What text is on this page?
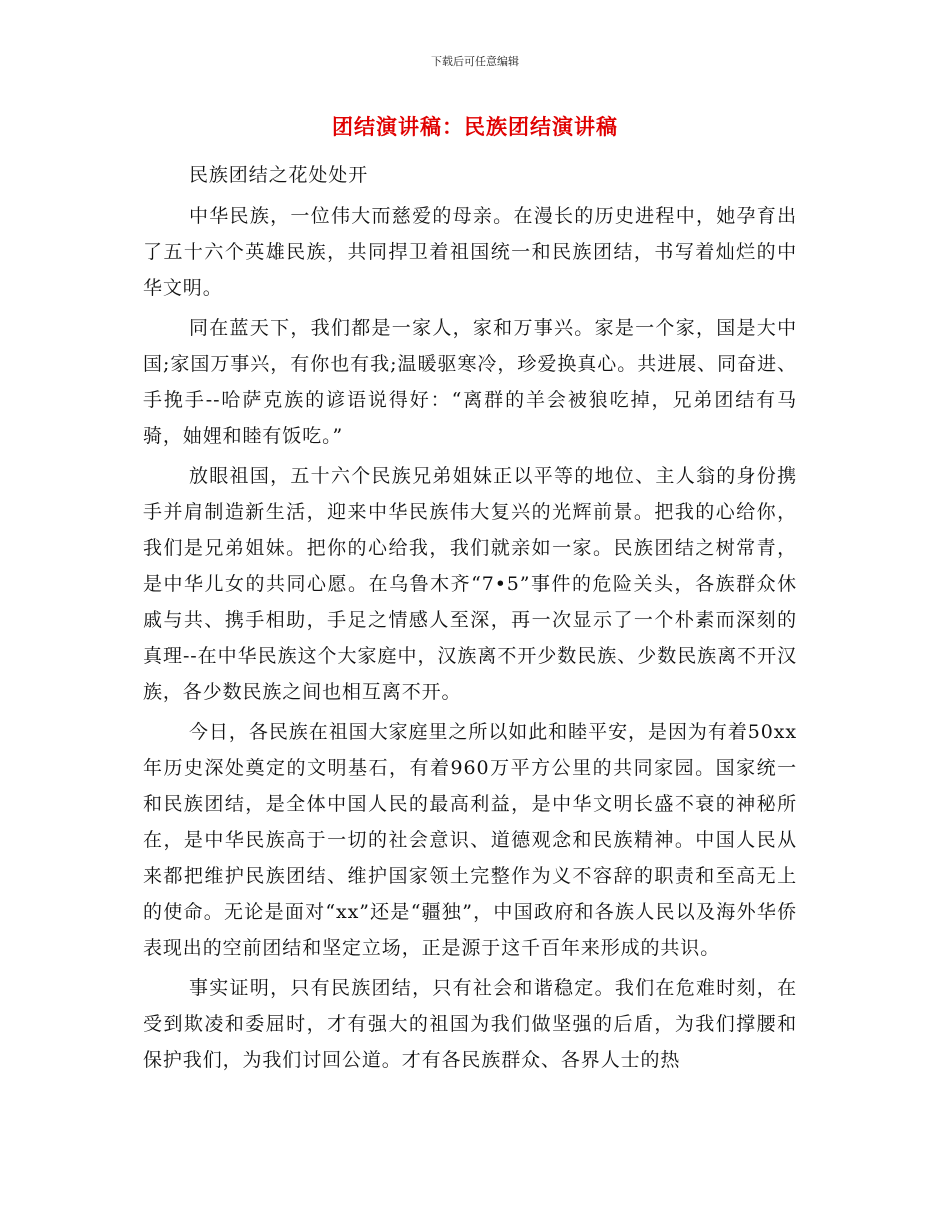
下载后可任意编辑
团结演讲稿：民族团结演讲稿

民族团结之花处处开

中华民族，一位伟大而慈爱的母亲。在漫长的历史进程中，她孕育出了五十六个英雄民族，共同捍卫着祖国统一和民族团结，书写着灿烂的中华文明。

同在蓝天下，我们都是一家人，家和万事兴。家是一个家，国是大中国;家国万事兴，有你也有我;温暖驱寒冷，珍爱换真心。共进展、同奋进、手挽手--哈萨克族的谚语说得好：“离群的羊会被狼吃掉，兄弟团结有马骑，妯娌和睦有饭吃。”

放眼祖国，五十六个民族兄弟姐妹正以平等的地位、主人翁的身份携手并肩制造新生活，迎来中华民族伟大复兴的光辉前景。把我的心给你，我们是兄弟姐妹。把你的心给我，我们就亲如一家。民族团结之树常青，是中华儿女的共同心愿。在乌鲁木齐“7•5”事件的危险关头，各族群众休戚与共、携手相助，手足之情感人至深，再一次显示了一个朴素而深刻的真理--在中华民族这个大家庭中，汉族离不开少数民族、少数民族离不开汉族，各少数民族之间也相互离不开。

今日，各民族在祖国大家庭里之所以如此和睦平安，是因为有着50xx年历史深处奠定的文明基石，有着960万平方公里的共同家园。国家统一和民族团结，是全体中国人民的最高利益，是中华文明长盛不衰的神秘所在，是中华民族高于一切的社会意识、道德观念和民族精神。中国人民从来都把维护民族团结、维护国家领土完整作为义不容辞的职责和至高无上的使命。无论是面对“xx”还是“疆独”，中国政府和各族人民以及海外华侨表现出的空前团结和坚定立场，正是源于这千百年来形成的共识。

事实证明，只有民族团结，只有社会和谐稳定。我们在危难时刻，在受到欺凌和委屈时，才有强大的祖国为我们做坚强的后盾，为我们撑腰和保护我们，为我们讨回公道。才有各民族群众、各界人士的热
